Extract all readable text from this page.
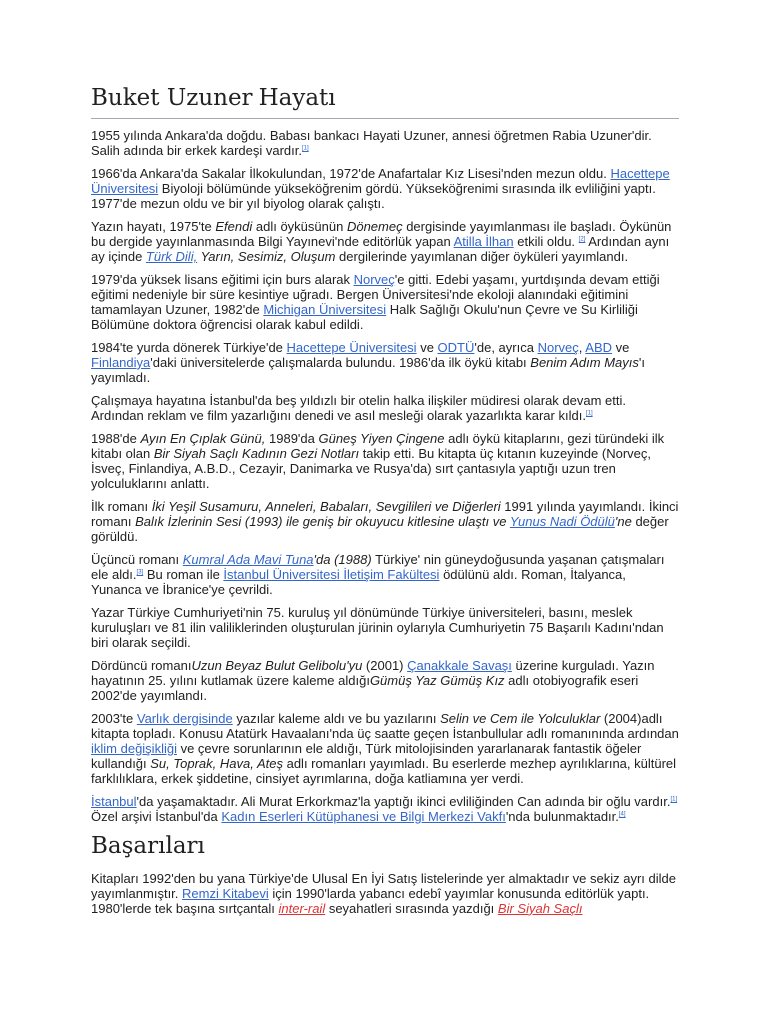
Buket Uzuner Hayatı

1955 yılında Ankara'da doğdu. Babası bankacı Hayati Uzuner, annesi öğretmen Rabia Uzuner'dir. Salih adında bir erkek kardeşi vardır.[1]

1966'da Ankara'da Sakalar İlkokulundan, 1972'de Anafartalar Kız Lisesi'nden mezun oldu. Hacettepe Üniversitesi Biyoloji bölümünde yükseköğrenim gördü. Yükseköğrenimi sırasında ilk evliliğini yaptı. 1977'de mezun oldu ve bir yıl biyolog olarak çalıştı.

Yazın hayatı, 1975'te Efendi adlı öyküsünün Dönemeç dergisinde yayımlanması ile başladı. Öykünün bu dergide yayınlanmasında Bilgi Yayınevi'nde editörlük yapan Atilla İlhan etkili oldu. [2] Ardından aynı ay içinde Türk Dili, Yarın, Sesimiz, Oluşum dergilerinde yayımlanan diğer öyküleri yayımlandı.

1979'da yüksek lisans eğitimi için burs alarak Norveç'e gitti. Edebi yaşamı, yurtdışında devam ettiği eğitimi nedeniyle bir süre kesintiye uğradı. Bergen Üniversitesi'nde ekoloji alanındaki eğitimini tamamlayan Uzuner, 1982'de Michigan Üniversitesi Halk Sağlığı Okulu'nun Çevre ve Su Kirliliği Bölümüne doktora öğrencisi olarak kabul edildi.

1984'te yurda dönerek Türkiye'de Hacettepe Üniversitesi ve ODTÜ'de, ayrıca Norveç, ABD ve Finlandiya'daki üniversitelerde çalışmalarda bulundu. 1986'da ilk öykü kitabı Benim Adım Mayıs'ı yayımladı.

Çalışmaya hayatına İstanbul'da beş yıldızlı bir otelin halka ilişkiler müdiresi olarak devam etti. Ardından reklam ve film yazarlığını denedi ve asıl mesleği olarak yazarlıkta karar kıldı.[1]

1988'de Ayın En Çıplak Günü, 1989'da Güneş Yiyen Çingene adlı öykü kitaplarını, gezi türündeki ilk kitabı olan Bir Siyah Saçlı Kadının Gezi Notları takip etti. Bu kitapta üç kıtanın kuzeyinde (Norveç, İsveç, Finlandiya, A.B.D., Cezayir, Danimarka ve Rusya'da) sırt çantasıyla yaptığı uzun tren yolculuklarını anlattı.

İlk romanı İki Yeşil Susamuru, Anneleri, Babaları, Sevgilileri ve Diğerleri 1991 yılında yayımlandı. İkinci romanı Balık İzlerinin Sesi (1993) ile geniş bir okuyucu kitlesine ulaştı ve Yunus Nadi Ödülü'ne değer görüldü.

Üçüncü romanı Kumral Ada Mavi Tuna'da (1988) Türkiye' nin güneydoğusunda yaşanan çatışmaları ele aldı.[3] Bu roman ile İstanbul Üniversitesi İletişim Fakültesi ödülünü aldı. Roman, İtalyanca, Yunanca ve İbranice'ye çevrildi.

Yazar Türkiye Cumhuriyeti'nin 75. kuruluş yıl dönümünde Türkiye üniversiteleri, basını, meslek kuruluşları ve 81 ilin valiliklerinden oluşturulan jürinin oylarıyla Cumhuriyetin 75 Başarılı Kadını'ndan biri olarak seçildi.

Dördüncü romanıUzun Beyaz Bulut Gelibolu'yu (2001) Çanakkale Savaşı üzerine kurguladı. Yazın hayatının 25. yılını kutlamak üzere kaleme aldığıGümüş Yaz Gümüş Kız adlı otobiyografik eseri 2002'de yayımlandı.

2003'te Varlık dergisinde yazılar kaleme aldı ve bu yazılarını Selin ve Cem ile Yolculuklar (2004)adlı kitapta topladı. Konusu Atatürk Havaalanı'nda üç saatte geçen İstanbullular adlı romanınında ardından iklim değişikliği ve çevre sorunlarının ele aldığı, Türk mitolojisinden yararlanarak fantastik öğeler kullandığı Su, Toprak, Hava, Ateş adlı romanları yayımladı. Bu eserlerde mezhep ayrılıklarına, kültürel farklılıklara, erkek şiddetine, cinsiyet ayrımlarına, doğa katliamına yer verdi.

İstanbul'da yaşamaktadır. Ali Murat Erkorkmaz'la yaptığı ikinci evliliğinden Can adında bir oğlu vardır.[1] Özel arşivi İstanbul'da Kadın Eserleri Kütüphanesi ve Bilgi Merkezi Vakfı'nda bulunmaktadır.[4]

Başarıları

Kitapları 1992'den bu yana Türkiye'de Ulusal En İyi Satış listelerinde yer almaktadır ve sekiz ayrı dilde yayımlanmıştır. Remzi Kitabevi için 1990'larda yabancı edebî yayımlar konusunda editörlük yaptı. 1980'lerde tek başına sırtçantalı inter-rail seyahatleri sırasında yazdığı Bir Siyah Saçlı
